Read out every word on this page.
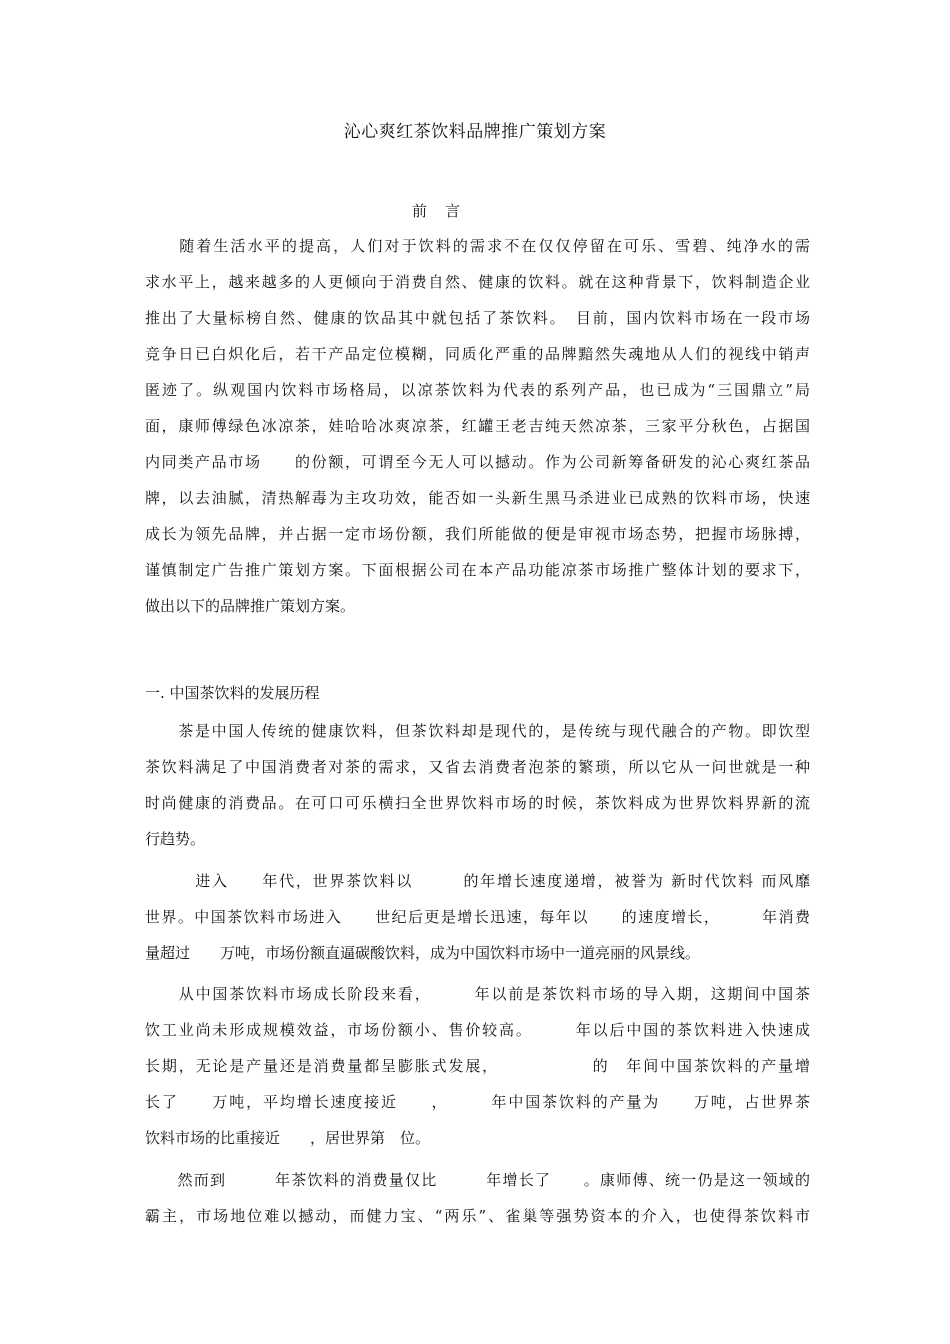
沁心爽红茶饮料品牌推广策划方案
前言
　　随着生活水平的提高，人们对于饮料的需求不在仅仅停留在可乐、雪碧、纯净水的需
求水平上，越来越多的人更倾向于消费自然、健康的饮料。就在这种背景下，饮料制造企业
推出了大量标榜自然、健康的饮品其中就包括了茶饮料。　目前，国内饮料市场在一段市场
竞争日已白炽化后，若干产品定位模糊，同质化严重的品牌黯然失魂地从人们的视线中销声
匿迹了。纵观国内饮料市场格局，以凉茶饮料为代表的系列产品，也已成为“三国鼎立”局
面，康师傅绿色冰凉茶，娃哈哈冰爽凉茶，红罐王老吉纯天然凉茶，三家平分秋色，占据国
内同类产品市场　　的份额，可谓至今无人可以撼动。作为公司新筹备研发的沁心爽红茶品
牌，以去油腻，清热解毒为主攻功效，能否如一头新生黑马杀进业已成熟的饮料市场，快速
成长为领先品牌，并占据一定市场份额，我们所能做的便是审视市场态势，把握市场脉搏，
谨慎制定广告推广策划方案。下面根据公司在本产品功能凉茶市场推广整体计划的要求下，
做出以下的品牌推广策划方案。
一. 中国茶饮料的发展历程
　　茶是中国人传统的健康饮料，但茶饮料却是现代的，是传统与现代融合的产物。即饮型
茶饮料满足了中国消费者对茶的需求，又省去消费者泡茶的繁琐，所以它从一问世就是一种
时尚健康的消费品。在可口可乐横扫全世界饮料市场的时候，茶饮料成为世界饮料界新的流
行趋势。
　　　进入　　年代，世界茶饮料以　　　的年增长速度递增，被誉为 新时代饮料 而风靡
世界。中国茶饮料市场进入　　世纪后更是增长迅速，每年以　　的速度增长，　　　年消费
量超过　　万吨，市场份额直逼碳酸饮料，成为中国饮料市场中一道亮丽的风景线。
　　从中国茶饮料市场成长阶段来看，　　　年以前是茶饮料市场的导入期，这期间中国茶
饮工业尚未形成规模效益，市场份额小、售价较高。　　　年以后中国的茶饮料进入快速成
长期，无论是产量还是消费量都呈膨胀式发展，　　　　　　的　年间中国茶饮料的产量增
长了　　万吨，平均增长速度接近　　，　　　年中国茶饮料的产量为　　万吨，占世界茶
饮料市场的比重接近　　，居世界第　位。
　　然而到　　　年茶饮料的消费量仅比　　　年增长了　　。康师傅、统一仍是这一领域的
霸主，市场地位难以撼动，而健力宝、“两乐”、雀巢等强势资本的介入，也使得茶饮料市
